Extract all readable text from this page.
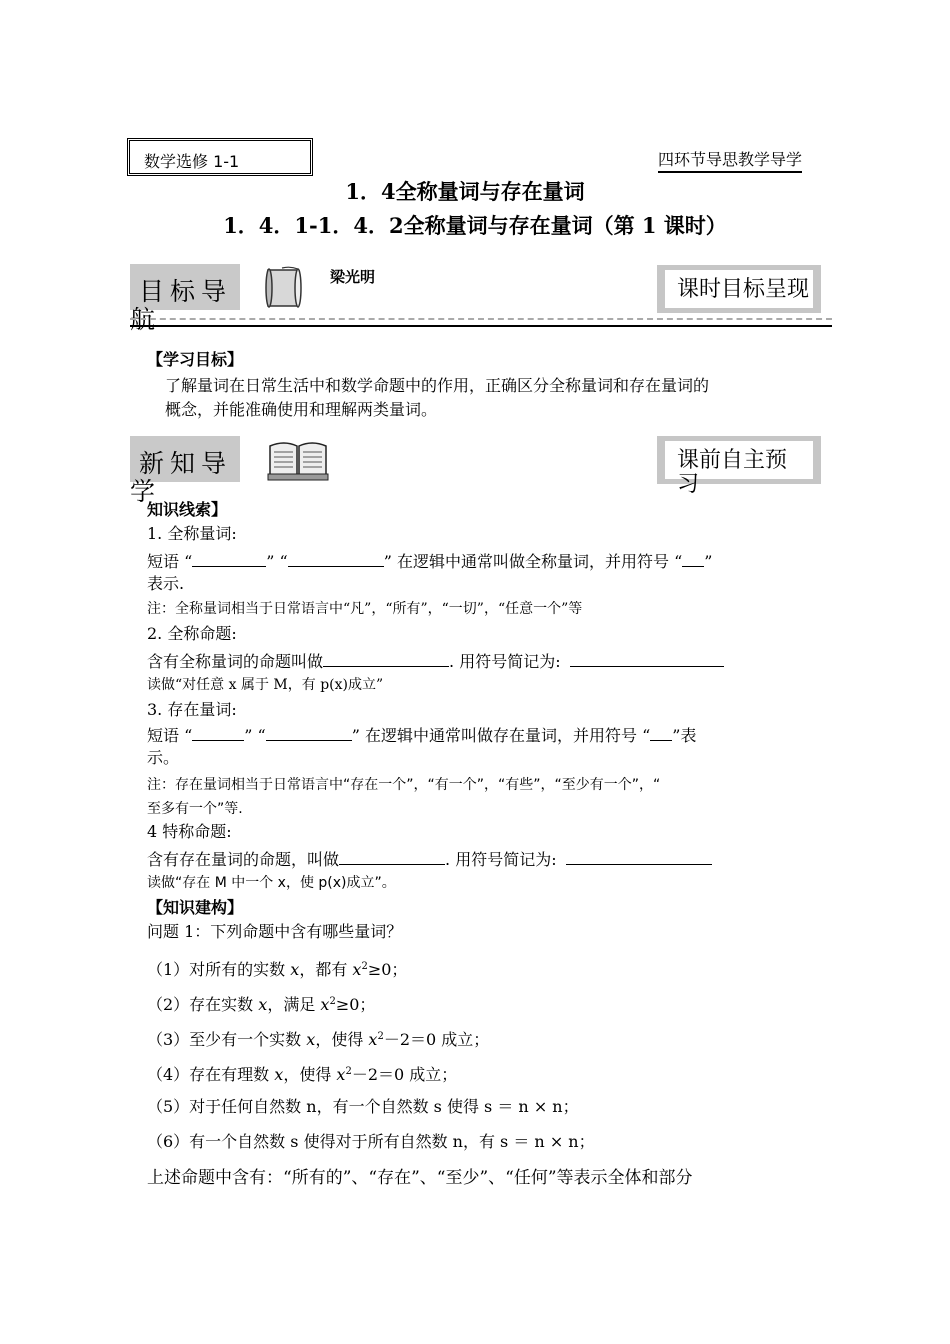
数学选修 1-1	四环节导思教学导学
1．4全称量词与存在量词
1．4．1-1．4．2全称量词与存在量词（第 1 课时）
目标导
航
梁光明	课时目标呈现
【学习目标】
了解量词在日常生活中和数学命题中的作用，正确区分全称量词和存在量词的
概念，并能准确使用和理解两类量词。
新知导
学
课前自主预
习
知识线索】
1. 全称量词:
短语 “	” “	” 在逻辑中通常叫做全称量词，并用符号 “ ”
表示.
注：全称量词相当于日常语言中“凡”，“所有”，“一切”，“任意一个”等
2. 全称命题:
含有全称量词的命题叫做	. 用符号简记为:
读做“对任意 x 属于 M，有 p(x)成立”
3. 存在量词:
短语 “	” “	” 在逻辑中通常叫做存在量词，并用符号 “ ”表
示。
注：存在量词相当于日常语言中“存在一个”，“有一个”，“有些”，“至少有一个”，“
至多有一个”等.
4 特称命题:
含有存在量词的命题，叫做	. 用符号简记为:
读做“存在 M 中一个 x，使 p(x)成立”。
【知识建构】
问题 1：下列命题中含有哪些量词？
（1）对所有的实数 x，都有 $x^2\ge 0$；
（2）存在实数 x，满足 $x^2\ge 0$；
（3）至少有一个实数 x，使得 $x^2-2=0$ 成立；
（4）存在有理数 x，使得 $x^2-2=0$ 成立；
（5）对于任何自然数 n，有一个自然数 s 使得 s ＝ n × n；
（6）有一个自然数 s 使得对于所有自然数 n，有 s ＝ n × n；
上述命题中含有：“所有的”、“存在”、“至少”、“任何”等表示全体和部分
